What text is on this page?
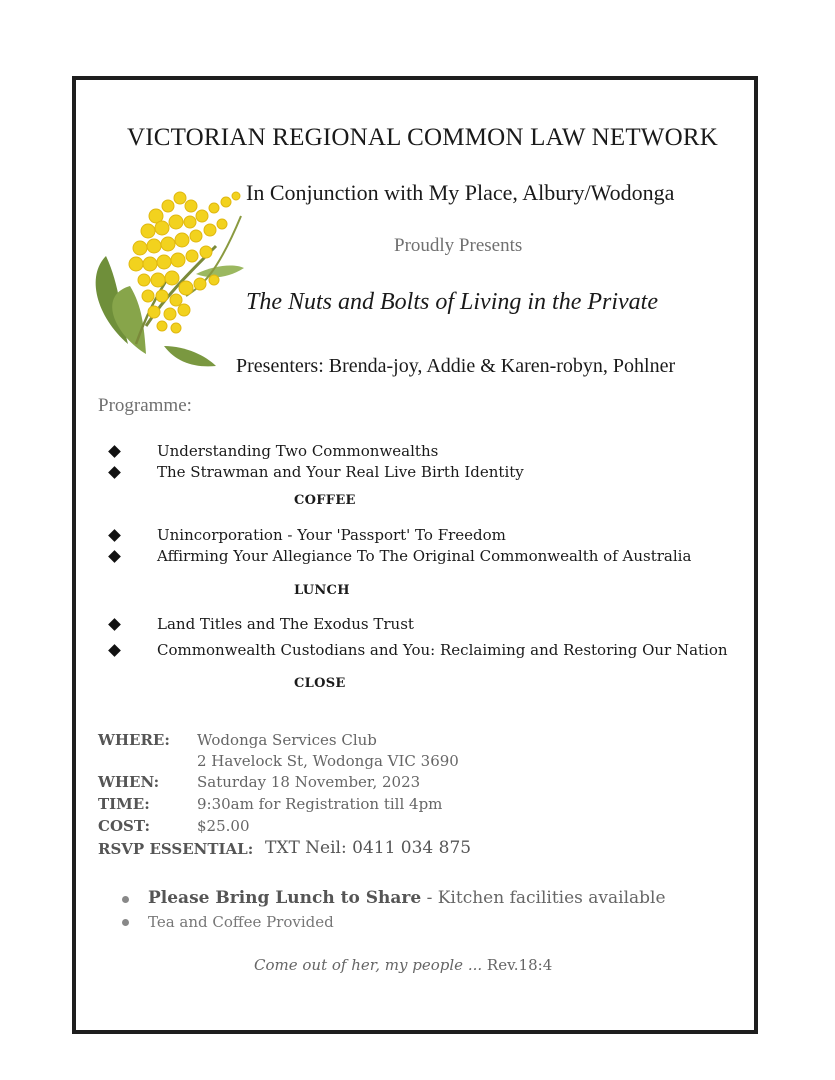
VICTORIAN REGIONAL COMMON LAW NETWORK
In Conjunction with My Place, Albury/Wodonga
Proudly Presents
The Nuts and Bolts of Living in the Private
Presenters: Brenda-joy, Addie & Karen-robyn, Pohlner
Programme:
Understanding Two Commonwealths
The Strawman and Your Real Live Birth Identity
COFFEE
Unincorporation - Your 'Passport' To Freedom
Affirming Your Allegiance To The Original Commonwealth of Australia
LUNCH
Land Titles and The Exodus Trust
Commonwealth Custodians and You: Reclaiming and Restoring Our Nation
CLOSE
WHERE: Wodonga Services Club
2 Havelock St, Wodonga VIC 3690
WHEN:	Saturday 18 November, 2023
TIME:	9:30am for Registration till 4pm
COST:	$25.00
RSVP ESSENTIAL: TXT Neil: 0411 034 875
Please Bring Lunch to Share - Kitchen facilities available
Tea and Coffee Provided
Come out of her, my people ... Rev.18:4
